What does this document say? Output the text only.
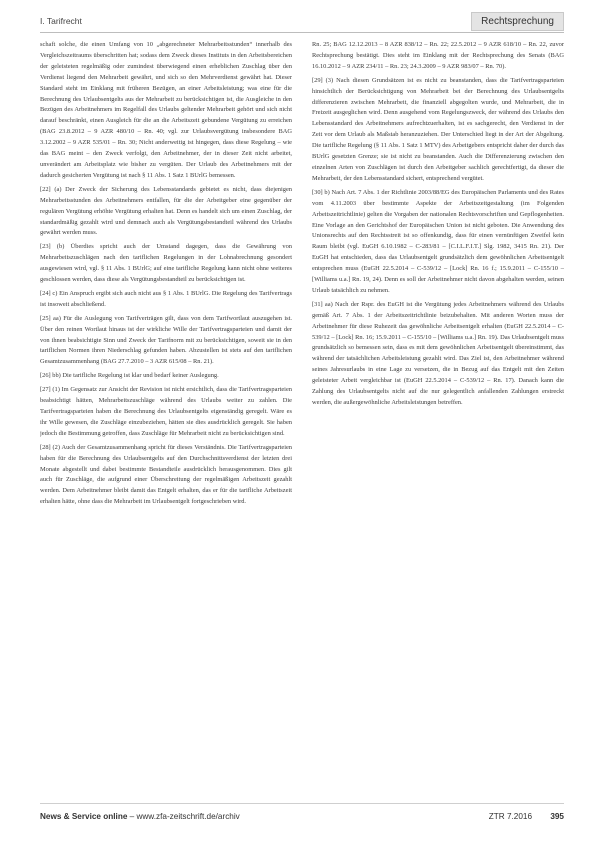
I. Tarifrecht	Rechtsprechung

schaft solche, die einen Umfang von 10 „abgerechneter Mehrarbeitsstunden“ innerhalb des Vergleichszeitraums überschritten hat; sodass dem Zweck dieses Instituts in den Arbeitsbereichen der geleisteten regelmäßig oder zumindest überwiegend einen erheblichen Zuschlag über den Verdienst liegend den Mehrarbeit gewährt, und sich so den Mehrverdienst gewährt hat. Dieser Standard steht im Einklang mit früheren Bezügen, an einer Arbeitsleistung; was eine für die Berechnung des Urlaubsentgelts aus der Mehrarbeit zu berücksichtigen ist, die Ausgleiche in den Bezügen des Arbeitnehmers im Regelfall des Urlaubs geltender Mehrarbeit gehört und sich nicht darauf beschränkt, einen Ausgleich für die an die Arbeitszeit gebundene Vergütung zu erreichen (BAG 23.8.2012 – 9 AZR 480/10 – Rn. 40; vgl. zur Urlaubsvergütung insbesondere BAG 3.12.2002 – 9 AZR 535/01 – Rn. 30; Nicht anderweitig ist hingegen, dass diese Regelung – wie das BAG meint – den Zweck verfolgt, den Arbeitnehmer, der in dieser Zeit nicht arbeitet, unverändert am Arbeitsplatz wie bisher zu vergüten. Der Urlaub des Arbeitnehmers mit der dadurch gesicherten Vergütung ist nach § 11 Abs. 1 Satz 1 BUrlG bemessen.

[22] (a) Der Zweck der Sicherung des Lebensstandards gebietet es nicht, dass diejenigen Mehrarbeitsstunden des Arbeitnehmers entfallen, für die der Arbeitgeber eine gegenüber der regulären Vergütung erhöhte Vergütung erhalten hat. Denn es handelt sich um einen Zuschlag, der standardmäßig gezahlt wird und demnach auch als Vergütungsbestandteil während des Urlaubs gewährt werden muss.

[23] (b) Überdies spricht auch der Umstand dagegen, dass die Gewährung von Mehrarbeitszuschlägen nach den tariflichen Regelungen in der Lohnabrechnung gesondert ausgewiesen wird, vgl. § 11 Abs. 1 BUrlG; auf eine tarifliche Regelung kann nicht ohne weiteres geschlossen werden, dass diese als Vergütungsbestandteil zu berücksichtigen ist.

[24] c) Ein Anspruch ergibt sich auch nicht aus § 1 Abs. 1 BUrlG. Die Regelung des Tarifvertrags ist insoweit abschließend.

[25] aa) Für die Auslegung von Tarifverträgen gilt, dass von dem Tarifwortlaut auszugehen ist. Über den reinen Wortlaut hinaus ist der wirkliche Wille der Tarifvertragsparteien und damit der von ihnen beabsichtigte Sinn und Zweck der Tarifnorm mit zu berücksichtigen, soweit sie in den tariflichen Normen ihren Niederschlag gefunden haben. Abzustellen ist stets auf den tariflichen Gesamtzusammenhang (BAG 27.7.2010 – 3 AZR 615/08 – Rn. 21).

[26] bb) Die tarifliche Regelung ist klar und bedarf keiner Auslegung.

[27] (1) Im Gegensatz zur Ansicht der Revision ist nicht ersichtlich, dass die Tarifvertragsparteien beabsichtigt hätten, Mehrarbeitszuschläge während des Urlaubs weiter zu zahlen. Die Tarifvertragsparteien haben die Berechnung des Urlaubsentgelts eigenständig geregelt. Wäre es ihr Wille gewesen, die Zuschläge einzubeziehen, hätten sie dies ausdrücklich geregelt. Sie haben jedoch die Bestimmung getroffen, dass Zuschläge für Mehrarbeit nicht zu berücksichtigen sind.

[28] (2) Auch der Gesamtzusammenhang spricht für dieses Verständnis. Die Tarifvertragsparteien haben für die Berechnung des Urlaubsentgelts auf den Durchschnittsverdienst der letzten drei Monate abgestellt und dabei bestimmte Bestandteile ausdrücklich herausgenommen. Dies gilt auch für Zuschläge, die aufgrund einer Überschreitung der regelmäßigen Arbeitszeit gezahlt werden. Dem Arbeitnehmer bleibt damit das Entgelt erhalten, das er für die tarifliche Arbeitszeit erhalten hätte, ohne dass die Mehrarbeit im Urlaubsentgelt fortgeschrieben wird.

Rn. 25; BAG 12.12.2013 – 8 AZR 838/12 – Rn. 22; 22.5.2012 – 9 AZR 618/10 – Rn. 22, zuvor Rechtsprechung bestätigt. Dies steht im Einklang mit der Rechtsprechung des Senats (BAG 16.10.2012 – 9 AZR 234/11 – Rn. 23; 24.3.2009 – 9 AZR 983/07 – Rn. 70).

[29] (3) Nach diesen Grundsätzen ist es nicht zu beanstanden, dass die Tarifvertragsparteien hinsichtlich der Berücksichtigung von Mehrarbeit bei der Berechnung des Urlaubsentgelts differenzieren zwischen Mehrarbeit, die finanziell abgegolten wurde, und Mehrarbeit, die in Freizeit ausgeglichen wird. Denn ausgehend vom Regelungszweck, der während des Urlaubs den Lebensstandard des Arbeitnehmers aufrechtzuerhalten, ist es sachgerecht, den Verdienst in der Zeit vor dem Urlaub als Maßstab heranzuziehen. Der Unterschied liegt in der Art der Abgeltung. Die tarifliche Regelung (§ 11 Abs. 1 Satz 1 MTV) des Arbeitgebers entspricht daher der durch das BUrlG gesetzten Grenze; sie ist nicht zu beanstanden. Auch die Differenzierung zwischen den einzelnen Arten von Zuschlägen ist durch den Arbeitgeber sachlich gerechtfertigt, da dieser die Mehrarbeit, der den Lebensstandard sichert, entsprechend vergütet.

[30] b) Nach Art. 7 Abs. 1 der Richtlinie 2003/88/EG des Europäischen Parlaments und des Rates vom 4.11.2003 über bestimmte Aspekte der Arbeitszeitgestaltung (im Folgenden Arbeitszeitrichtlinie) gelten die Vorgaben der nationalen Rechtsvorschriften und Gepflogenheiten. Eine Vorlage an den Gerichtshof der Europäischen Union ist nicht geboten. Die Anwendung des Unionsrechts auf den Rechtsstreit ist so offenkundig, dass für einen vernünftigen Zweifel kein Raum bleibt (vgl. EuGH 6.10.1982 – C-283/81 – [C.I.L.F.I.T.] Slg. 1982, 3415 Rn. 21). Der EuGH hat entschieden, dass das Urlaubsentgelt grundsätzlich dem gewöhnlichen Arbeitsentgelt entsprechen muss (EuGH 22.5.2014 – C-539/12 – [Lock] Rn. 16 f.; 15.9.2011 – C-155/10 – [Williams u.a.] Rn. 19, 24). Denn es soll der Arbeitnehmer nicht davon abgehalten werden, seinen Urlaub tatsächlich zu nehmen.

[31] aa) Nach der Rspr. des EuGH ist die Vergütung jedes Arbeitnehmers während des Urlaubs gemäß Art. 7 Abs. 1 der Arbeitszeitrichtlinie beizubehalten. Mit anderen Worten muss der Arbeitnehmer für diese Ruhezeit das gewöhnliche Arbeitsentgelt erhalten (EuGH 22.5.2014 – C-539/12 – [Lock] Rn. 16; 15.9.2011 – C-155/10 – [Williams u.a.] Rn. 19). Das Urlaubsentgelt muss grundsätzlich so bemessen sein, dass es mit dem gewöhnlichen Arbeitsentgelt übereinstimmt, das während der tatsächlichen Arbeitsleistung gezahlt wird. Das Ziel ist, den Arbeitnehmer während seines Jahresurlaubs in eine Lage zu versetzen, die in Bezug auf das Entgelt mit den Zeiten geleisteter Arbeit vergleichbar ist (EuGH 22.5.2014 – C-539/12 – Rn. 17). Danach kann die Zahlung des Urlaubsentgelts nicht auf die nur gelegentlich anfallenden Zahlungen erstreckt werden, die außergewöhnliche Arbeitsleistungen betreffen.

News & Service online – www.zfa-zeitschrift.de/archiv	ZTR 7.2016 395
